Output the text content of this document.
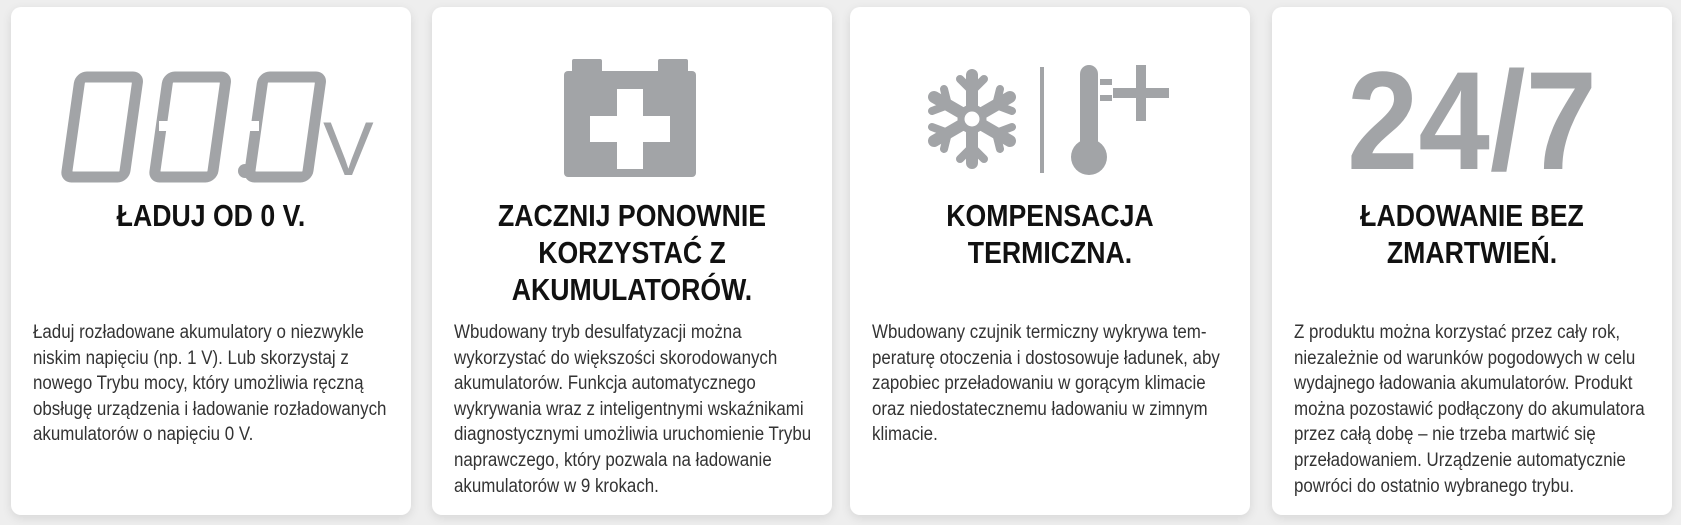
V
ŁADUJ OD 0 V.
Ładuj rozładowane akumulatory o niezwykle
niskim napięciu (np. 1 V). Lub skorzystaj z
nowego Trybu mocy, który umożliwia ręczną
obsługę urządzenia i ładowanie rozładowanych
akumulatorów o napięciu 0 V.
ZACZNIJ PONOWNIE
KORZYSTAĆ Z
AKUMULATORÓW.
Wbudowany tryb desulfatyzacji można
wykorzystać do większości skorodowanych
akumulatorów. Funkcja automatycznego
wykrywania wraz z inteligentnymi wskaźnikami
diagnostycznymi umożliwia uruchomienie Trybu
naprawczego, który pozwala na ładowanie
akumulatorów w 9 krokach.
KOMPENSACJA
TERMICZNA.
Wbudowany czujnik termiczny wykrywa tem-
peraturę otoczenia i dostosowuje ładunek, aby
zapobiec przeładowaniu w gorącym klimacie
oraz niedostatecznemu ładowaniu w zimnym
klimacie.
24/7
ŁADOWANIE BEZ
ZMARTWIEŃ.
Z produktu można korzystać przez cały rok,
niezależnie od warunków pogodowych w celu
wydajnego ładowania akumulatorów. Produkt
można pozostawić podłączony do akumulatora
przez całą dobę – nie trzeba martwić się
przeładowaniem. Urządzenie automatycznie
powróci do ostatnio wybranego trybu.
